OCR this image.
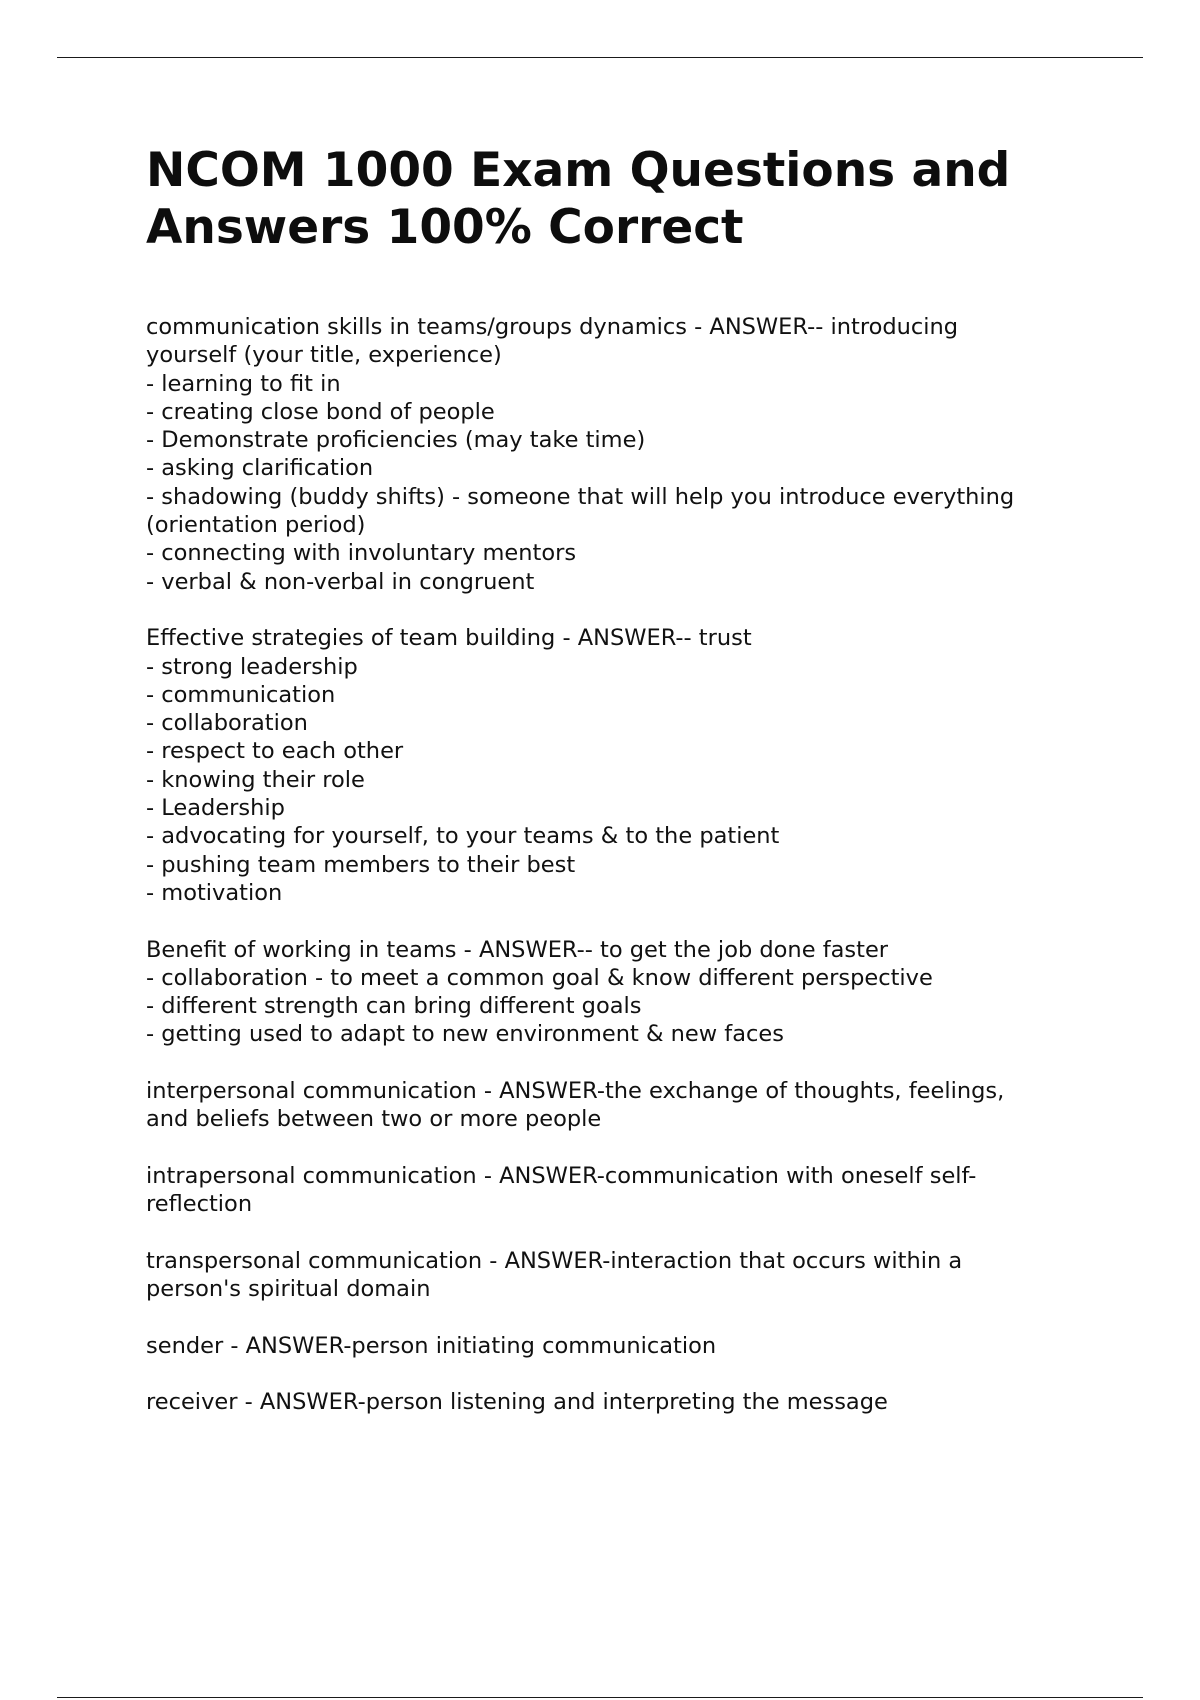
NCOM 1000 Exam Questions and
Answers 100% Correct
communication skills in teams/groups dynamics - ANSWER-- introducing
yourself (your title, experience)
- learning to fit in
- creating close bond of people
- Demonstrate proficiencies (may take time)
- asking clarification
- shadowing (buddy shifts) - someone that will help you introduce everything
(orientation period)
- connecting with involuntary mentors
- verbal & non-verbal in congruent
Effective strategies of team building - ANSWER-- trust
- strong leadership
- communication
- collaboration
- respect to each other
- knowing their role
- Leadership
- advocating for yourself, to your teams & to the patient
- pushing team members to their best
- motivation
Benefit of working in teams - ANSWER-- to get the job done faster
- collaboration - to meet a common goal & know different perspective
- different strength can bring different goals
- getting used to adapt to new environment & new faces
interpersonal communication - ANSWER-the exchange of thoughts, feelings,
and beliefs between two or more people
intrapersonal communication - ANSWER-communication with oneself self-
reflection
transpersonal communication - ANSWER-interaction that occurs within a
person's spiritual domain
sender - ANSWER-person initiating communication
receiver - ANSWER-person listening and interpreting the message
